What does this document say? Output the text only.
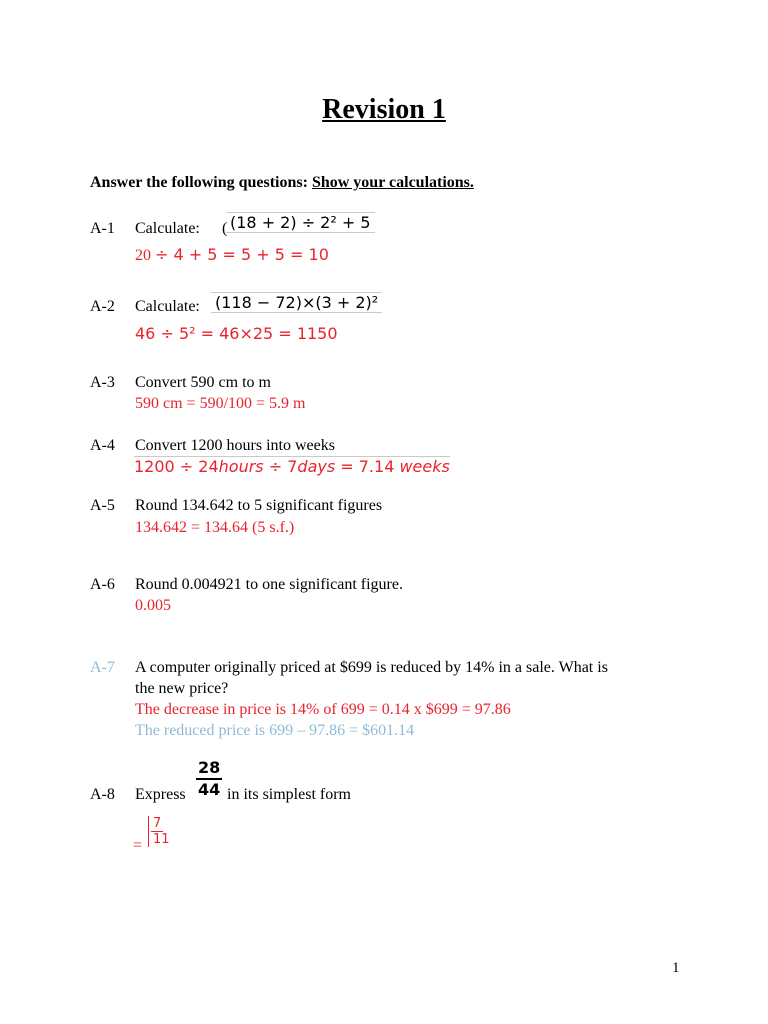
Revision 1
Answer the following questions: Show your calculations.
A-1 Calculate: ( (18 + 2) ÷ 2² + 5
20 ÷ 4 + 5 = 5 + 5 = 10
A-2 Calculate: (118 − 72)×(3 + 2)²
46 ÷ 5² = 46×25 = 1150
A-3 Convert 590 cm to m
590 cm = 590/100 = 5.9 m
A-4 Convert 1200 hours into weeks
1200 ÷ 24hours ÷ 7days = 7.14 weeks
A-5 Round 134.642 to 5 significant figures
134.642 = 134.64 (5 s.f.)
A-6 Round 0.004921 to one significant figure.
0.005
A-7 A computer originally priced at $699 is reduced by 14% in a sale. What is
the new price?
The decrease in price is 14% of 699 = 0.14 x $699 = 97.86
The reduced price is 699 – 97.86 = $601.14
A-8 Express $\frac{28}{44}$ in its simplest form
= $\frac{7}{11}$
1
